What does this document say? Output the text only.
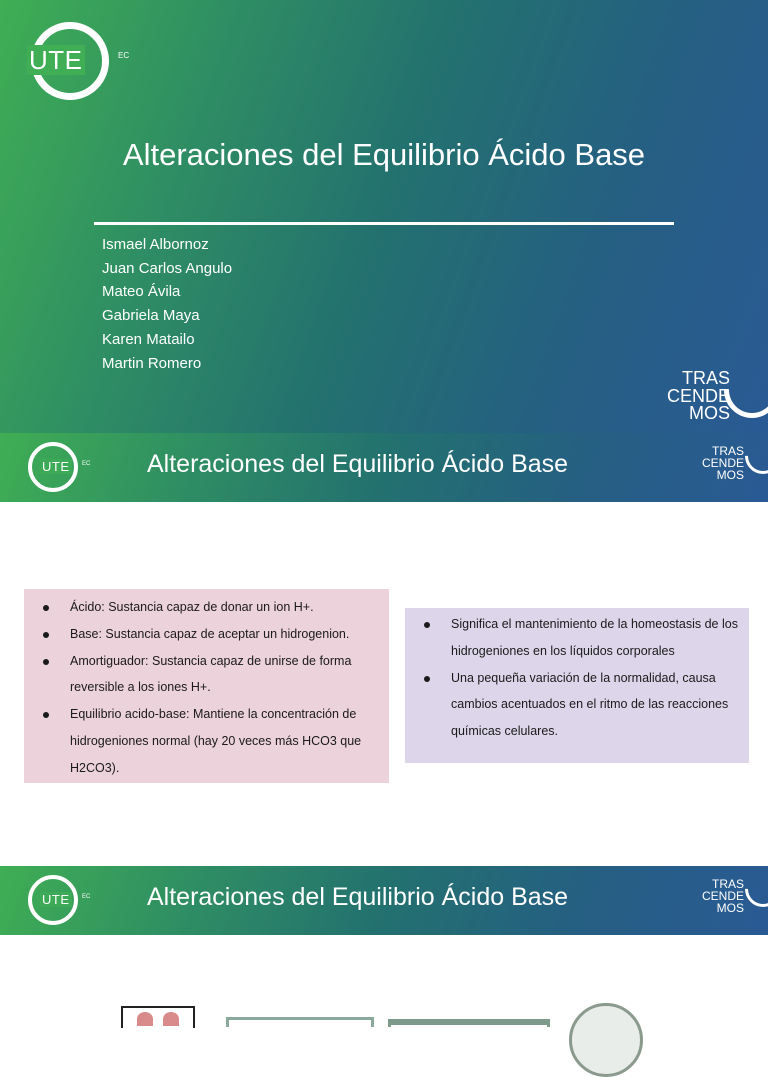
UTE	EC
Alteraciones del Equilibrio Ácido Base
Ismael Albornoz
Juan Carlos Angulo
Mateo Ávila
Gabriela Maya
Karen Matailo
Martin Romero
TRAS
CENDE
MOS
UTE	EC Alteraciones del Equilibrio Ácido Base	TRAS
CENDE
MOS
Ácido: Sustancia capaz de donar un ion H+.
Base: Sustancia capaz de aceptar un hidrogenion.
Amortiguador: Sustancia capaz de unirse de forma reversible a los iones H+.
Equilibrio acido-base: Mantiene la concentración de hidrogeniones normal (hay 20 veces más HCO3 que H2CO3).
Significa el mantenimiento de la homeostasis de los hidrogeniones en los líquidos corporales
Una pequeña variación de la normalidad, causa cambios acentuados en el ritmo de las reacciones químicas celulares.
UTE	EC Alteraciones del Equilibrio Ácido Base	TRAS
CENDE
MOS
